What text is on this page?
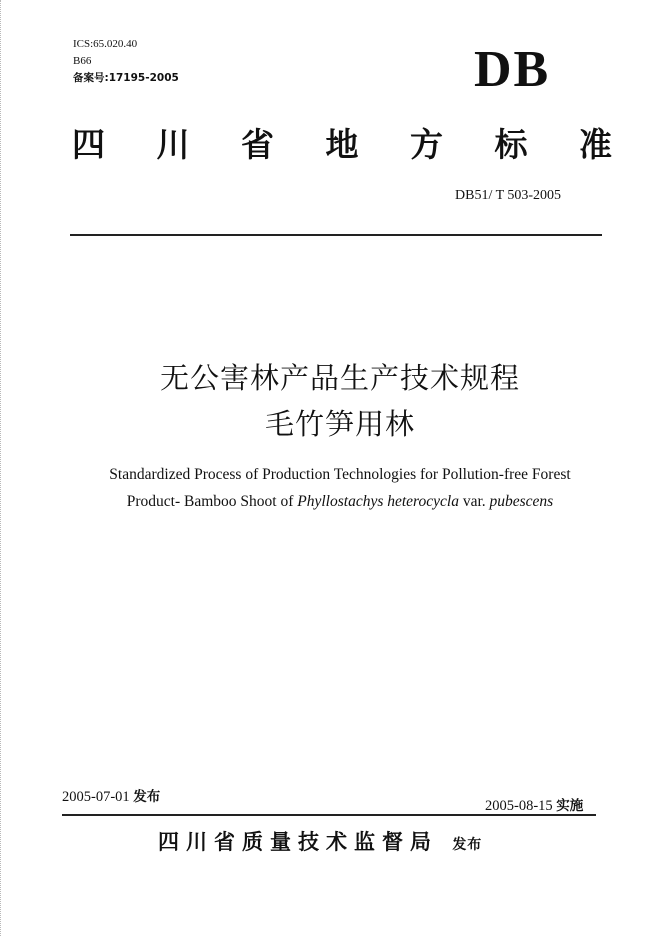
ICS:65.020.40
B66
备案号:17195-2005	DB
四 川 省 地 方 标 准
DB51/ T 503-2005
无公害林产品生产技术规程
毛竹笋用林
Standardized Process of Production Technologies for Pollution-free Forest
Product- Bamboo Shoot of Phyllostachys heterocycla var. pubescens
2005-07-01 发布
2005-08-15 实施
四川省质量技术监督局 发布
